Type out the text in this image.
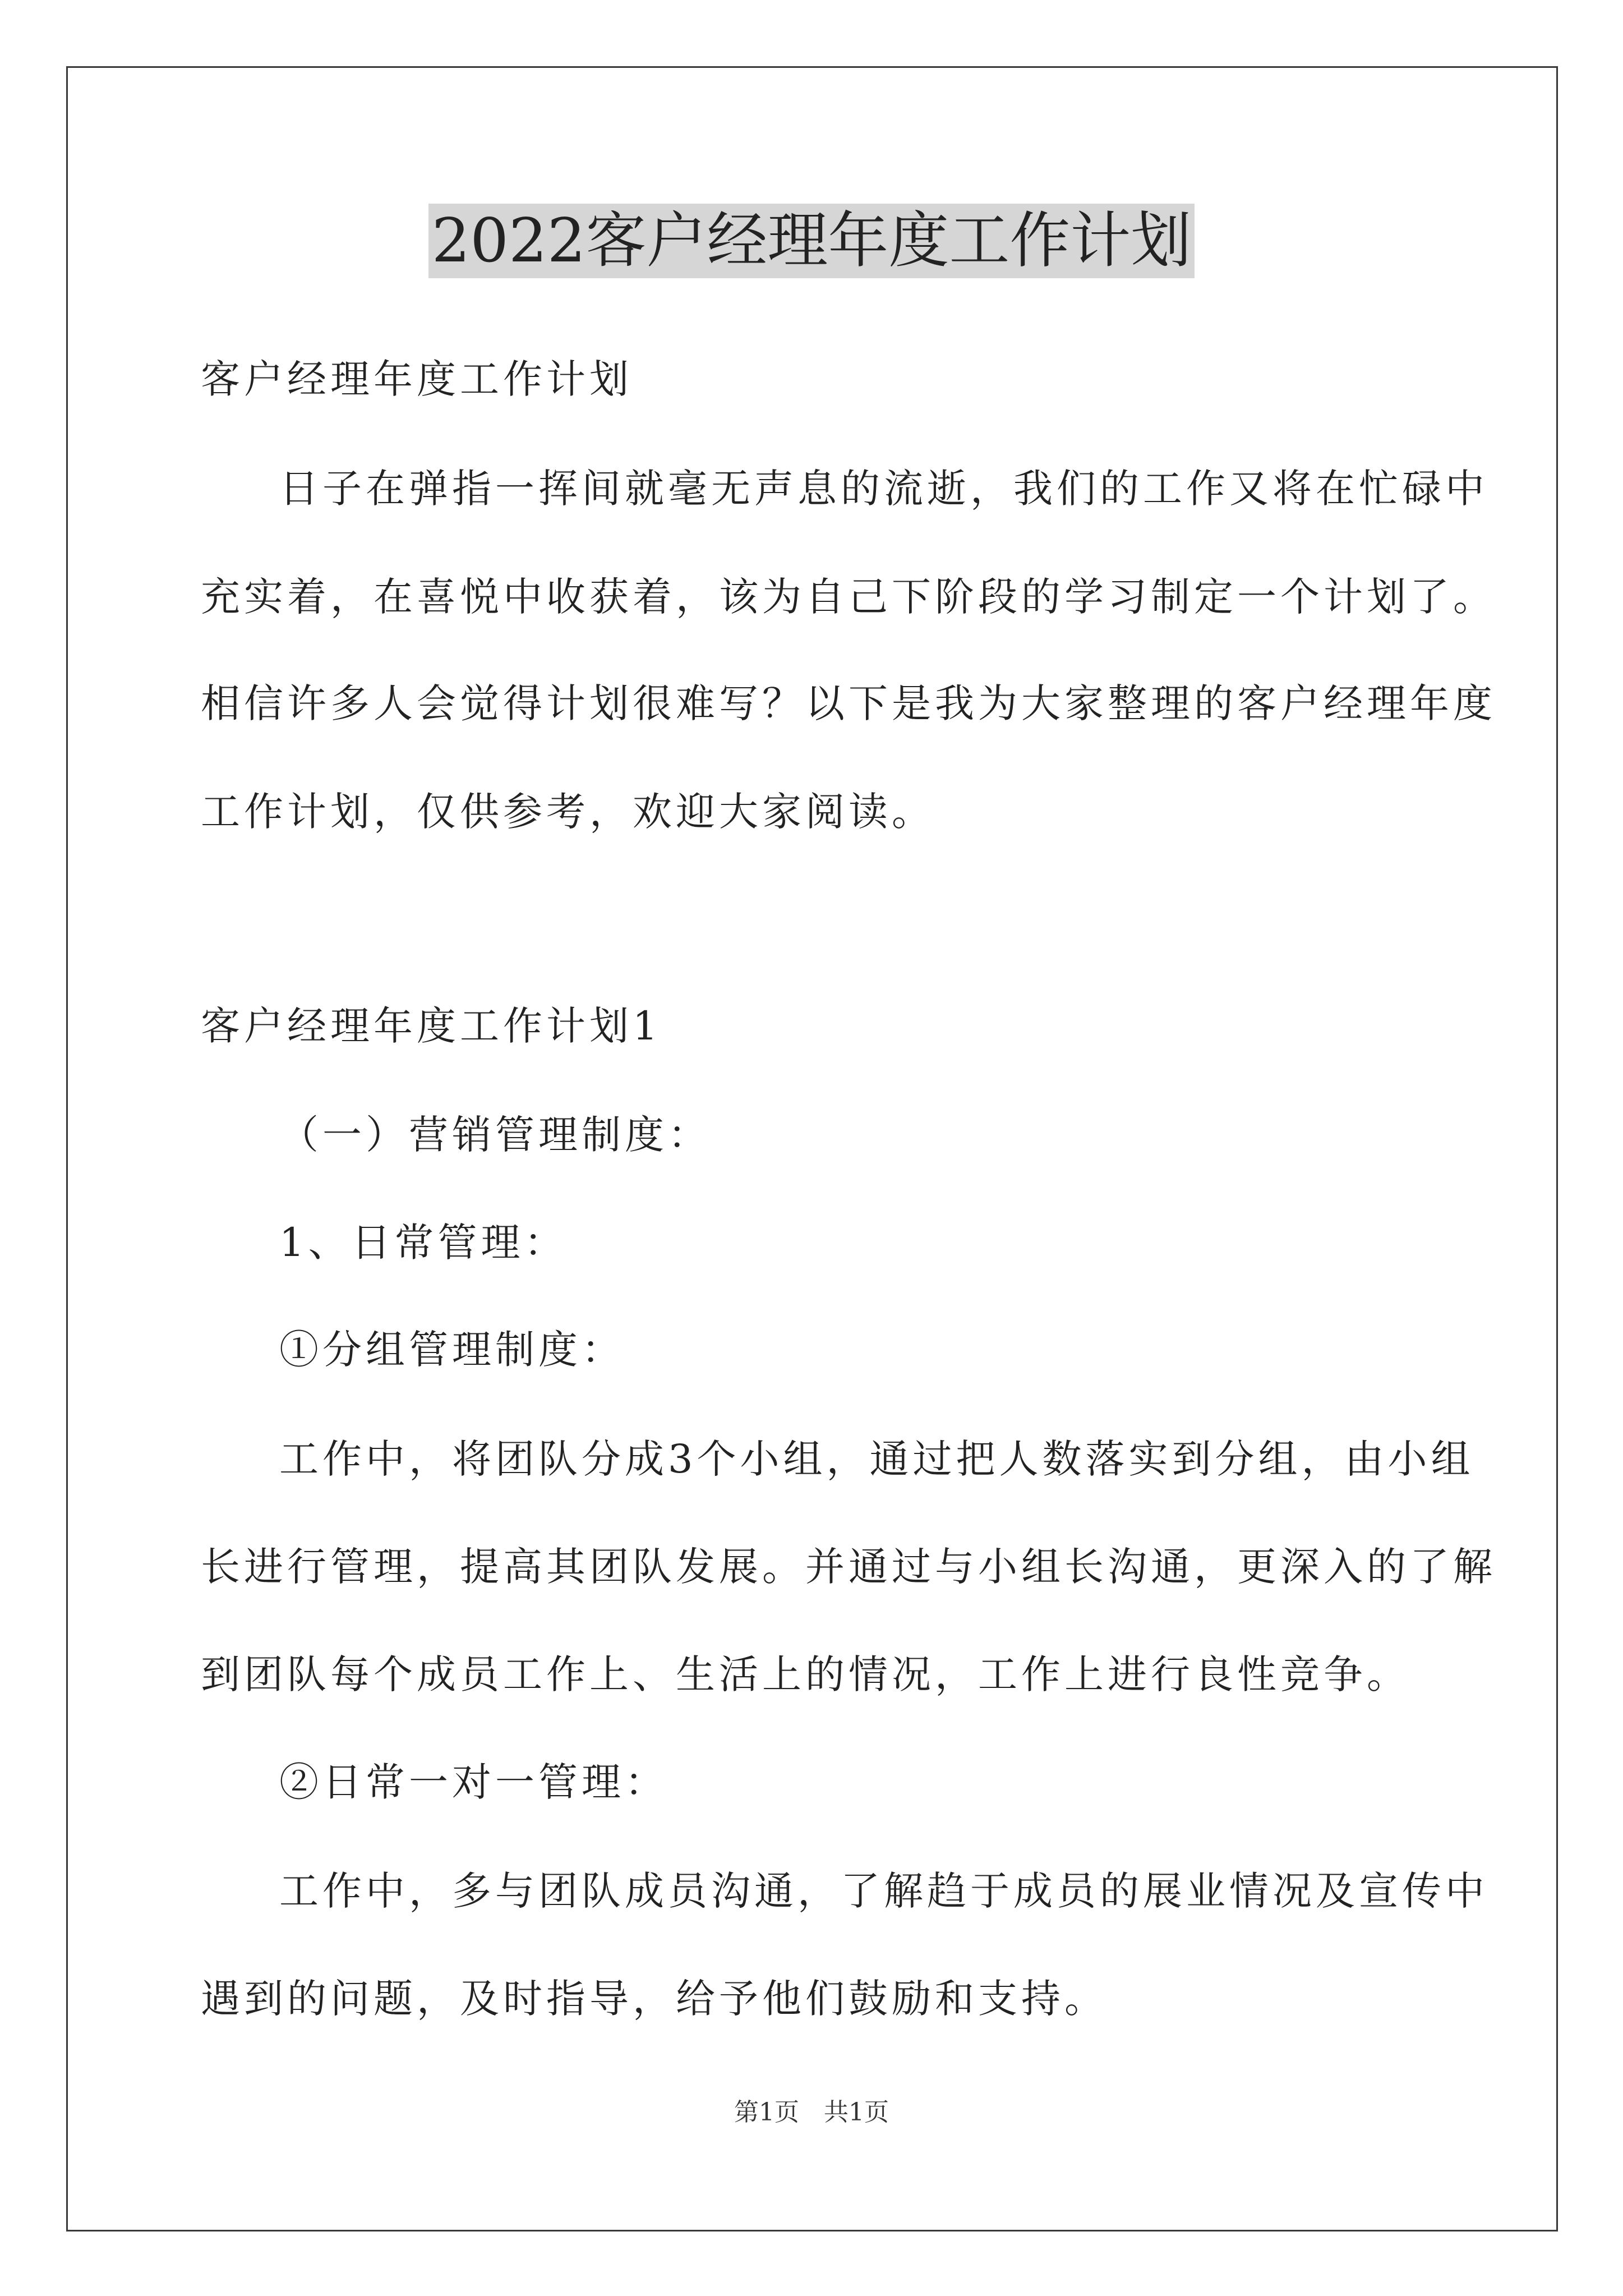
2022客户经理年度工作计划
客户经理年度工作计划
日子在弹指一挥间就毫无声息的流逝，我们的工作又将在忙碌中
充实着，在喜悦中收获着，该为自己下阶段的学习制定一个计划了。
相信许多人会觉得计划很难写？以下是我为大家整理的客户经理年度
工作计划，仅供参考，欢迎大家阅读。
客户经理年度工作计划1
（一）营销管理制度：
1、日常管理：
①分组管理制度：
工作中，将团队分成3个小组，通过把人数落实到分组，由小组
长进行管理，提高其团队发展。并通过与小组长沟通，更深入的了解
到团队每个成员工作上、生活上的情况，工作上进行良性竞争。
②日常一对一管理：
工作中，多与团队成员沟通，了解趋于成员的展业情况及宣传中
遇到的问题，及时指导，给予他们鼓励和支持。
第1页　共1页
